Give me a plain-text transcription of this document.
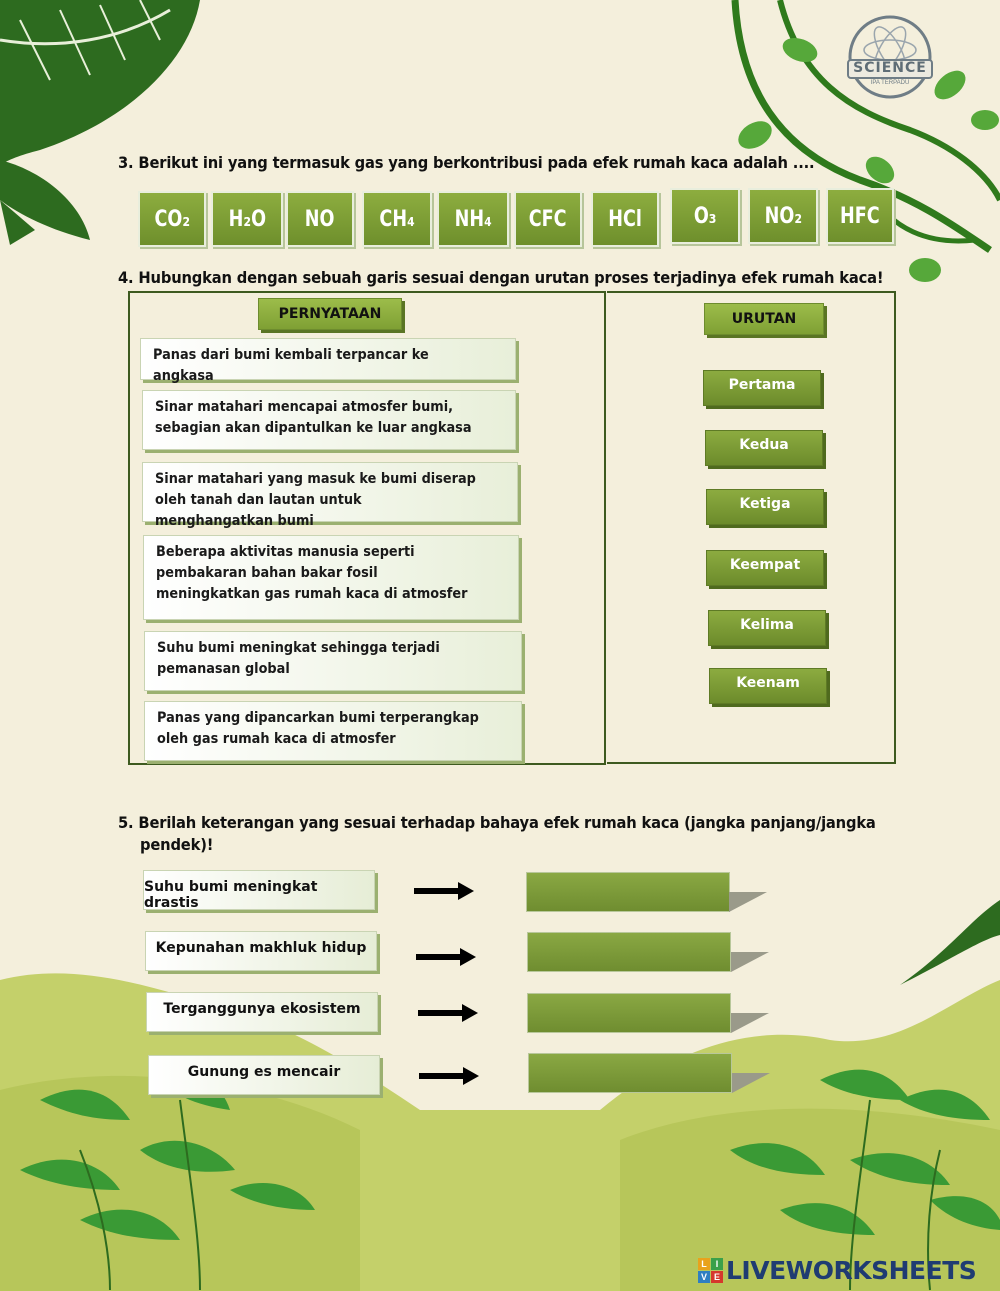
SCIENCE
IPA TERPADU
3. Berikut ini yang termasuk gas yang berkontribusi pada efek rumah kaca adalah ....
CO₂ H₂O NO CH₄ NH₄ CFC HCl O₃ NO₂ HFC
4. Hubungkan dengan sebuah garis sesuai dengan urutan proses terjadinya efek rumah kaca!
PERNYATAAN	URUTAN
Panas dari bumi kembali terpancar ke angkasa
Sinar matahari mencapai atmosfer bumi, sebagian akan dipantulkan ke luar angkasa
Sinar matahari yang masuk ke bumi diserap oleh tanah dan lautan untuk menghangatkan bumi
Beberapa aktivitas manusia seperti pembakaran bahan bakar fosil meningkatkan gas rumah kaca di atmosfer
Suhu bumi meningkat sehingga terjadi pemanasan global
Panas yang dipancarkan bumi terperangkap oleh gas rumah kaca di atmosfer
Pertama
Kedua
Ketiga
Keempat
Kelima
Keenam
5. Berilah keterangan yang sesuai terhadap bahaya efek rumah kaca (jangka panjang/jangka
pendek)!
Suhu bumi meningkat drastis
Kepunahan makhluk hidup
Terganggunya ekosistem
Gunung es mencair
L I
V E LIVEWORKSHEETS
